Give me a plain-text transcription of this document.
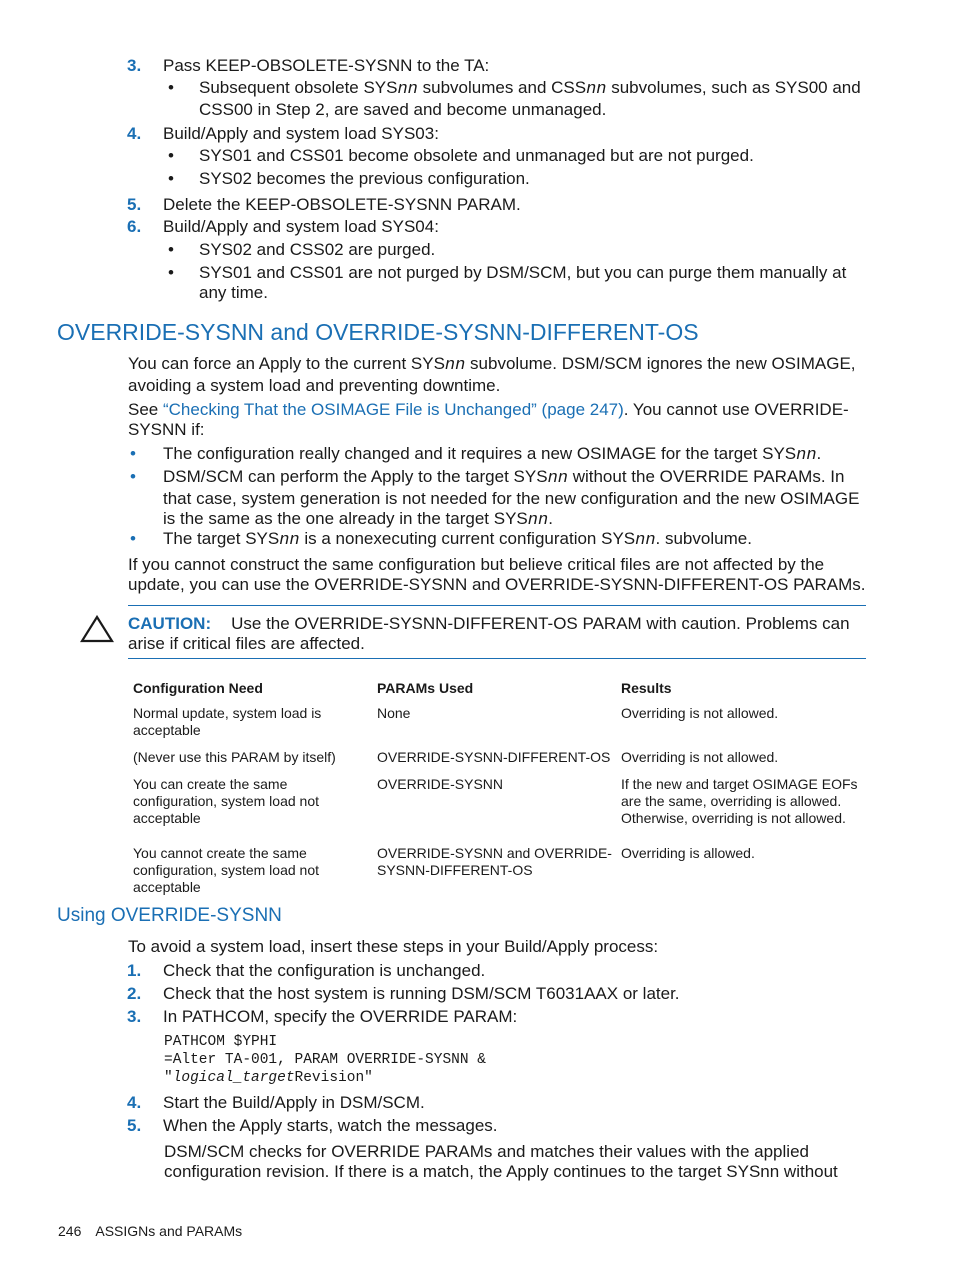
3. Pass KEEP-OBSOLETE-SYSNN to the TA:
• Subsequent obsolete SYSnn subvolumes and CSSnn subvolumes, such as SYS00 and CSS00 in Step 2, are saved and become unmanaged.
4. Build/Apply and system load SYS03:
• SYS01 and CSS01 become obsolete and unmanaged but are not purged.
• SYS02 becomes the previous configuration.
5. Delete the KEEP-OBSOLETE-SYSNN PARAM.
6. Build/Apply and system load SYS04:
• SYS02 and CSS02 are purged.
• SYS01 and CSS01 are not purged by DSM/SCM, but you can purge them manually at any time.
OVERRIDE-SYSNN and OVERRIDE-SYSNN-DIFFERENT-OS
You can force an Apply to the current SYSnn subvolume. DSM/SCM ignores the new OSIMAGE, avoiding a system load and preventing downtime.
See “Checking That the OSIMAGE File is Unchanged” (page 247). You cannot use OVERRIDE-SYSNN if:
• The configuration really changed and it requires a new OSIMAGE for the target SYSnn.
• DSM/SCM can perform the Apply to the target SYSnn without the OVERRIDE PARAMs. In that case, system generation is not needed for the new configuration and the new OSIMAGE is the same as the one already in the target SYSnn.
• The target SYSnn is a nonexecuting current configuration SYSnn. subvolume.
If you cannot construct the same configuration but believe critical files are not affected by the update, you can use the OVERRIDE-SYSNN and OVERRIDE-SYSNN-DIFFERENT-OS PARAMs.
CAUTION: Use the OVERRIDE-SYSNN-DIFFERENT-OS PARAM with caution. Problems can arise if critical files are affected.
Configuration Need	PARAMs Used	Results
Normal update, system load is acceptable	None	Overriding is not allowed.
(Never use this PARAM by itself)	OVERRIDE-SYSNN-DIFFERENT-OS	Overriding is not allowed.
You can create the same configuration, system load not acceptable	OVERRIDE-SYSNN	If the new and target OSIMAGE EOFs are the same, overriding is allowed. Otherwise, overriding is not allowed.
You cannot create the same configuration, system load not acceptable	OVERRIDE-SYSNN and OVERRIDE-SYSNN-DIFFERENT-OS	Overriding is allowed.
Using OVERRIDE-SYSNN
To avoid a system load, insert these steps in your Build/Apply process:
1. Check that the configuration is unchanged.
2. Check that the host system is running DSM/SCM T6031AAX or later.
3. In PATHCOM, specify the OVERRIDE PARAM:
PATHCOM $YPHI
=Alter TA-001, PARAM OVERRIDE-SYSNN &
"logical_targetRevision"
4. Start the Build/Apply in DSM/SCM.
5. When the Apply starts, watch the messages.
DSM/SCM checks for OVERRIDE PARAMs and matches their values with the applied configuration revision. If there is a match, the Apply continues to the target SYSnn without
246 ASSIGNs and PARAMs
